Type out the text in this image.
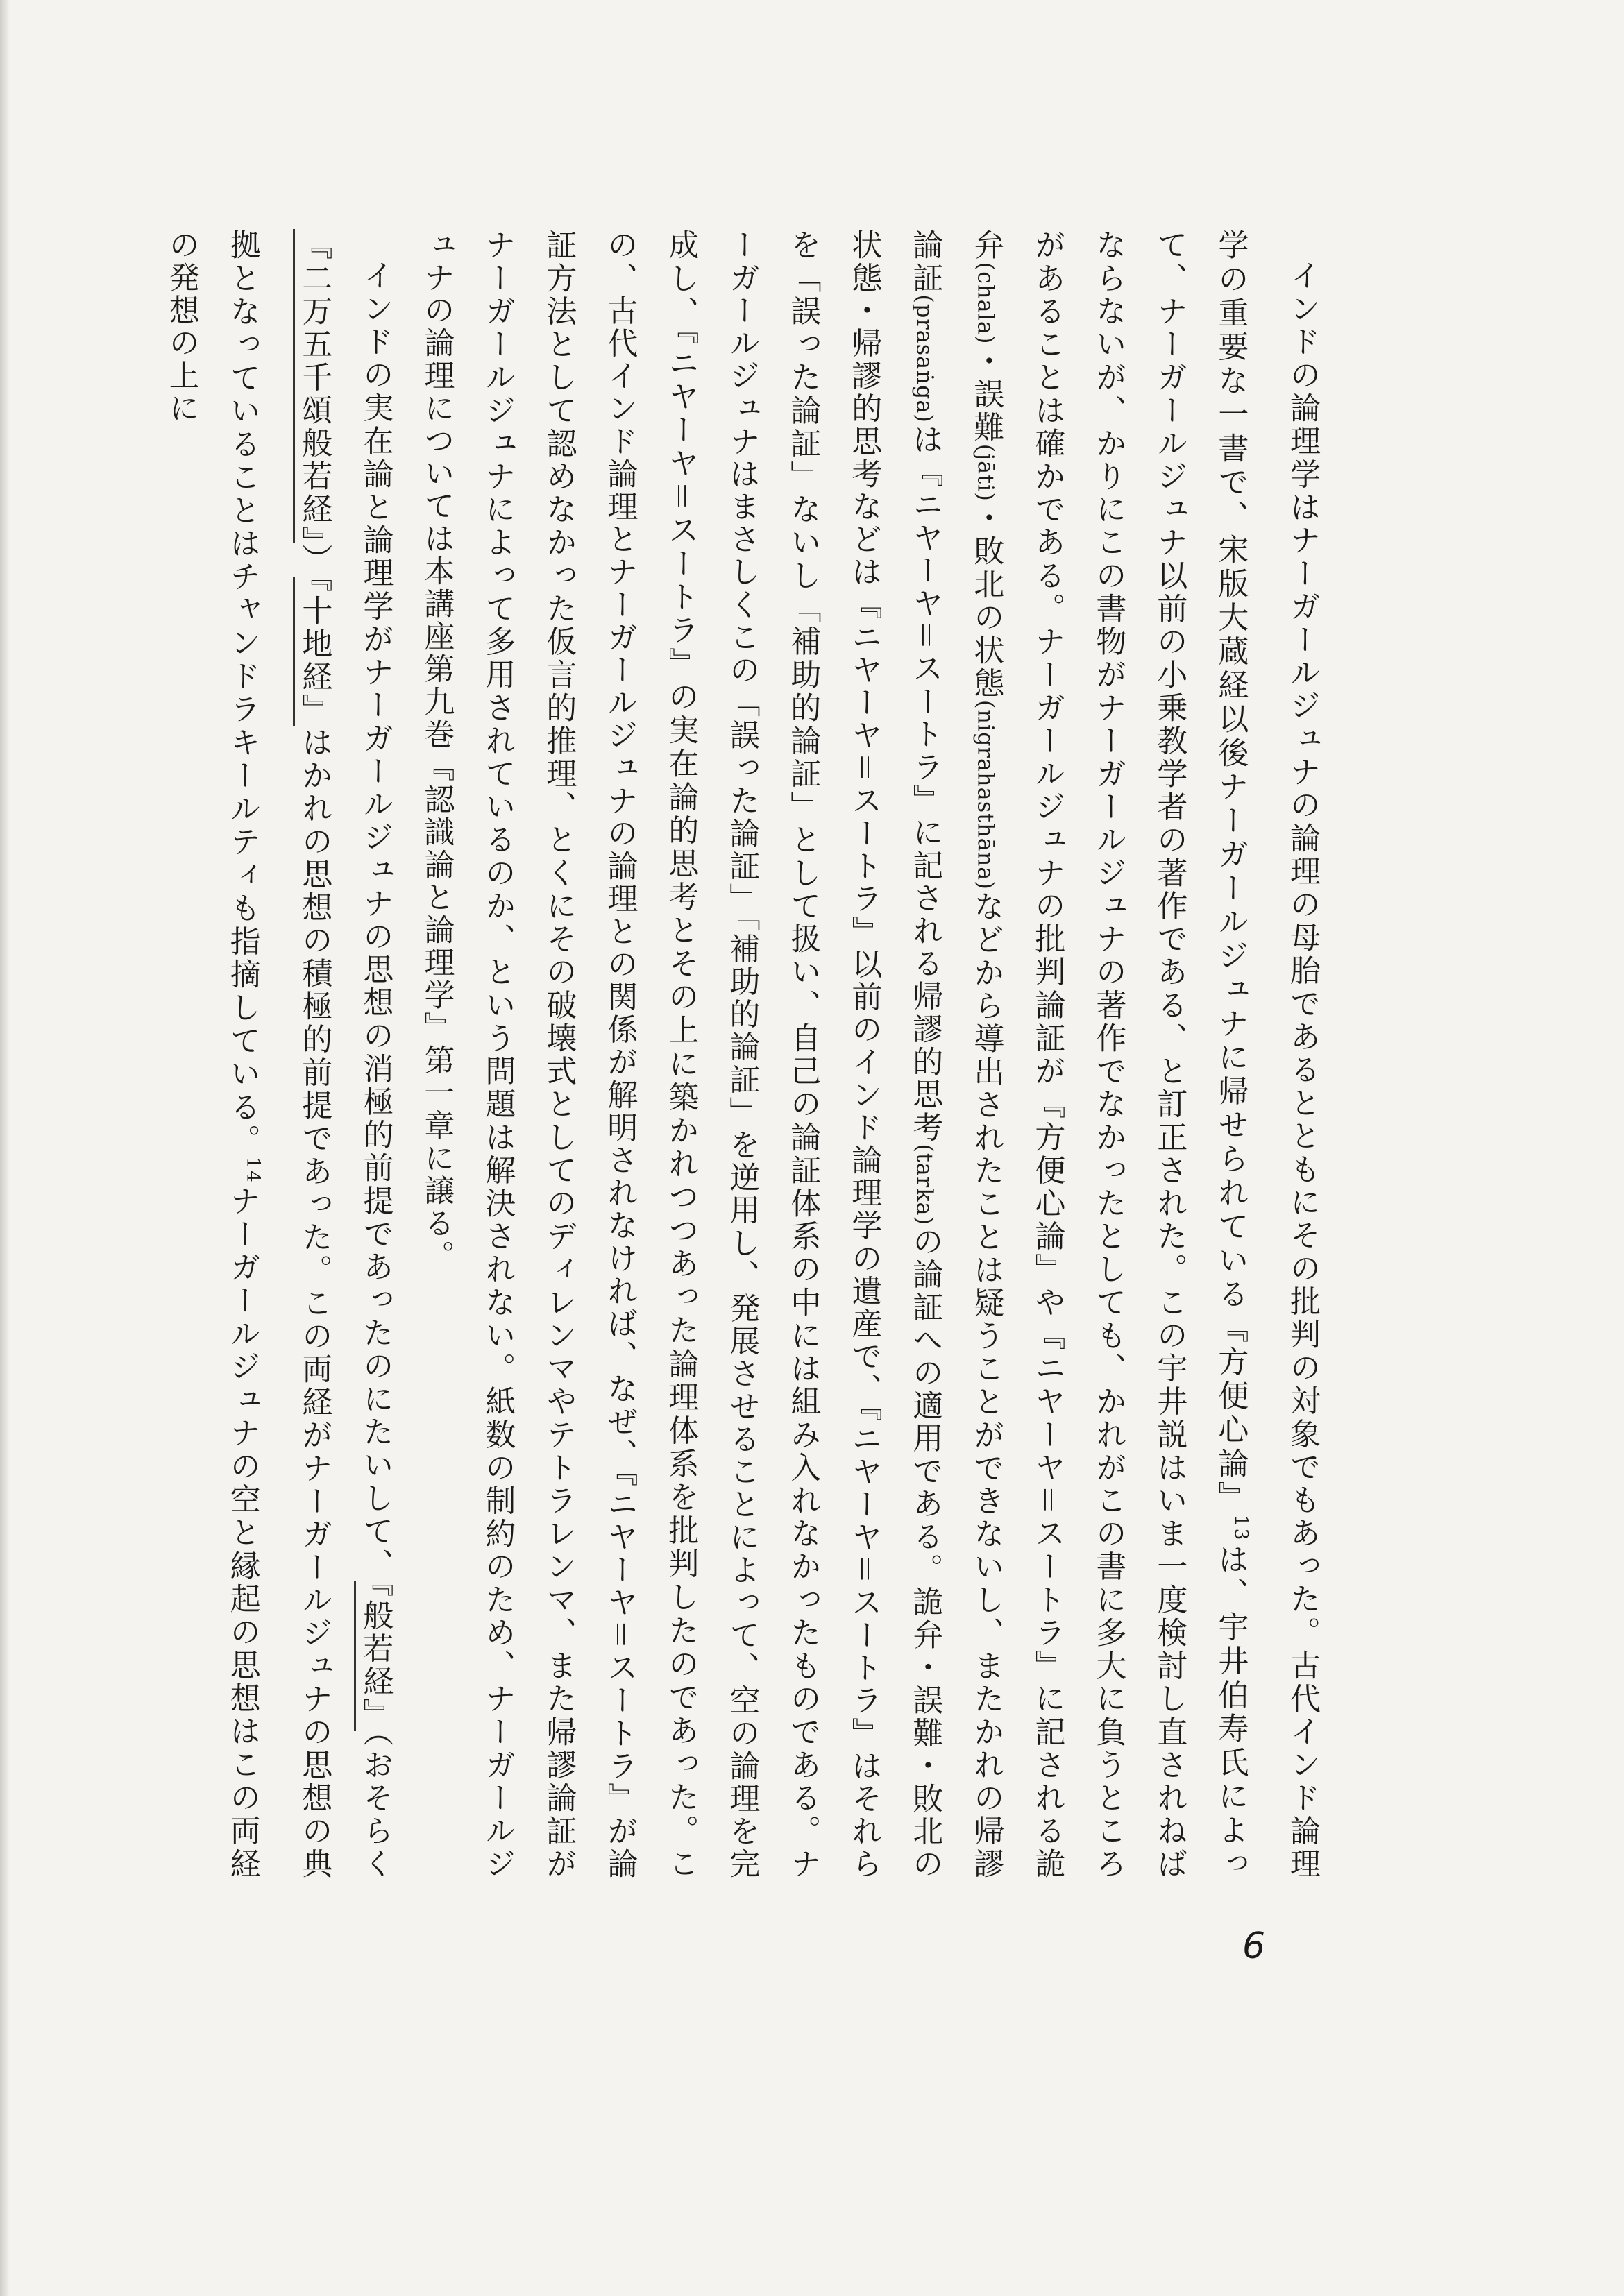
インドの論理学はナーガールジュナの論理の母胎であるとともにその批判の対象でもあった。古代インド論理学の重要な一書で、宋版大蔵経以後ナーガールジュナに帰せられている『方便心論』$^{13}$は、宇井伯寿氏によって、ナーガールジュナ以前の小乗教学者の著作である、と訂正された。この宇井説はいま一度検討し直されねばならないが、かりにこの書物がナーガールジュナの著作でなかったとしても、かれがこの書に多大に負うところがあることは確かである。ナーガールジュナの批判論証が『方便心論』や『ニヤーヤ＝スートラ』に記される詭弁(chala)・誤難(jāti)・敗北の状態(nigrahasthāna)などから導出されたことは疑うことができないし、またかれの帰謬論証(prasaṅga)は『ニヤーヤ＝スートラ』に記される帰謬的思考(tarka)の論証への適用である。詭弁・誤難・敗北の状態・帰謬的思考などは『ニヤーヤ＝スートラ』以前のインド論理学の遺産で、『ニヤーヤ＝スートラ』はそれらを「誤った論証」ないし「補助的論証」として扱い、自己の論証体系の中には組み入れなかったものである。ナーガールジュナはまさしくこの「誤った論証」「補助的論証」を逆用し、発展させることによって、空の論理を完成し、『ニヤーヤ＝スートラ』の実在論的思考とその上に築かれつつあった論理体系を批判したのであった。この、古代インド論理とナーガールジュナの論理との関係が解明されなければ、なぜ、『ニヤーヤ＝スートラ』が論証方法として認めなかった仮言的推理、とくにその破壊式としてのディレンマやテトラレンマ、また帰謬論証がナーガールジュナによって多用されているのか、という問題は解決されない。紙数の制約のため、ナーガールジュナの論理については本講座第九巻『認識論と論理学』第一章に譲る。

インドの実在論と論理学がナーガールジュナの思想の消極的前提であったのにたいして、『般若経』（おそらく『二万五千頌般若経』）『十地経』はかれの思想の積極的前提であった。この両経がナーガールジュナの思想の典拠となっていることはチャンドラキールティも指摘している。$^{14}$ナーガールジュナの空と縁起の思想はこの両経の発想の上に

6
